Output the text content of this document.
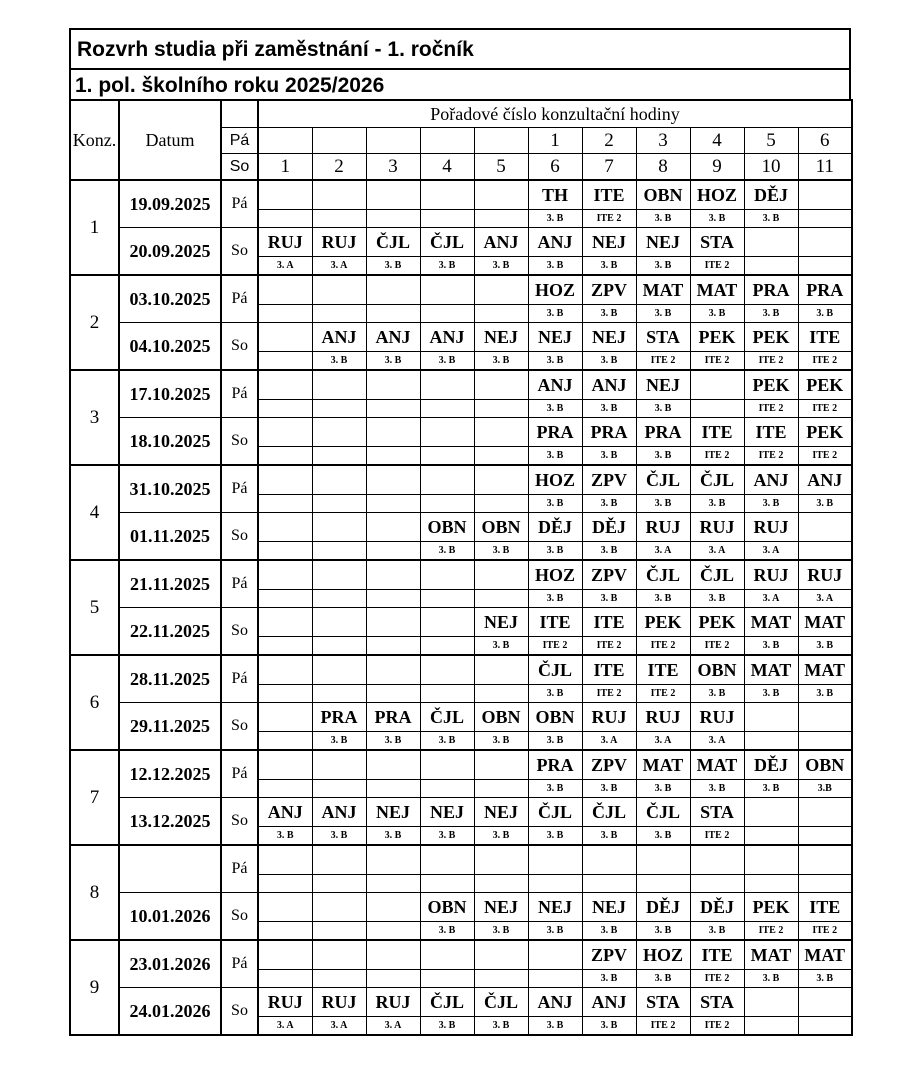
Rozvrh studia při zaměstnání - 1. ročník
1. pol. školního roku 2025/2026
Konz.	Datum		Pořadové číslo konzultační hodiny										
		Pá						1	2	3	4	5	6
		So	1	2	3	4	5	6	7	8	9	10	11
1	19.09.2025	Pá						TH	ITE	OBN	HOZ	DĚJ	
								3. B	ITE 2	3. B	3. B	3. B	
	20.09.2025	So	RUJ	RUJ	ČJL	ČJL	ANJ	ANJ	NEJ	NEJ	STA		
			3. A	3. A	3. B	3. B	3. B	3. B	3. B	3. B	ITE 2		
2	03.10.2025	Pá						HOZ	ZPV	MAT	MAT	PRA	PRA
								3. B	3. B	3. B	3. B	3. B	3. B
	04.10.2025	So		ANJ	ANJ	ANJ	NEJ	NEJ	NEJ	STA	PEK	PEK	ITE
				3. B	3. B	3. B	3. B	3. B	3. B	ITE 2	ITE 2	ITE 2	ITE 2
3	17.10.2025	Pá						ANJ	ANJ	NEJ		PEK	PEK
								3. B	3. B	3. B		ITE 2	ITE 2
	18.10.2025	So						PRA	PRA	PRA	ITE	ITE	PEK
								3. B	3. B	3. B	ITE 2	ITE 2	ITE 2
4	31.10.2025	Pá						HOZ	ZPV	ČJL	ČJL	ANJ	ANJ
								3. B	3. B	3. B	3. B	3. B	3. B
	01.11.2025	So				OBN	OBN	DĚJ	DĚJ	RUJ	RUJ	RUJ	
						3. B	3. B	3. B	3. B	3. A	3. A	3. A	
5	21.11.2025	Pá						HOZ	ZPV	ČJL	ČJL	RUJ	RUJ
								3. B	3. B	3. B	3. B	3. A	3. A
	22.11.2025	So					NEJ	ITE	ITE	PEK	PEK	MAT	MAT
							3. B	ITE 2	ITE 2	ITE 2	ITE 2	3. B	3. B
6	28.11.2025	Pá						ČJL	ITE	ITE	OBN	MAT	MAT
								3. B	ITE 2	ITE 2	3. B	3. B	3. B
	29.11.2025	So		PRA	PRA	ČJL	OBN	OBN	RUJ	RUJ	RUJ		
				3. B	3. B	3. B	3. B	3. B	3. A	3. A	3. A		
7	12.12.2025	Pá						PRA	ZPV	MAT	MAT	DĚJ	OBN
								3. B	3. B	3. B	3. B	3. B	3.B
	13.12.2025	So	ANJ	ANJ	NEJ	NEJ	NEJ	ČJL	ČJL	ČJL	STA		
			3. B	3. B	3. B	3. B	3. B	3. B	3. B	3. B	ITE 2		
8		Pá											

	10.01.2026	So				OBN	NEJ	NEJ	NEJ	DĚJ	DĚJ	PEK	ITE
						3. B	3. B	3. B	3. B	3. B	3. B	ITE 2	ITE 2
9	23.01.2026	Pá							ZPV	HOZ	ITE	MAT	MAT
									3. B	3. B	ITE 2	3. B	3. B
	24.01.2026	So	RUJ	RUJ	RUJ	ČJL	ČJL	ANJ	ANJ	STA	STA		
			3. A	3. A	3. A	3. B	3. B	3. B	3. B	ITE 2	ITE 2		
